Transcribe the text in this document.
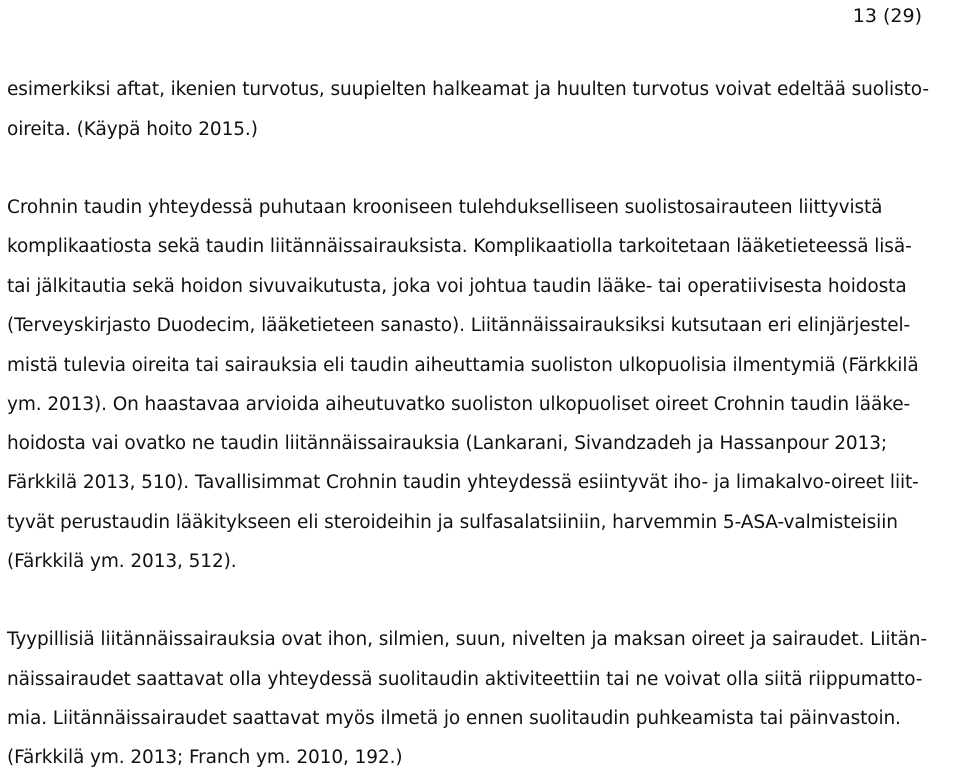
13 (29)
esimerkiksi aftat, ikenien turvotus, suupielten halkeamat ja huulten turvotus voivat edeltää suolisto-
oireita. (Käypä hoito 2015.)
Crohnin taudin yhteydessä puhutaan krooniseen tulehdukselliseen suolistosairauteen liittyvistä
komplikaatiosta sekä taudin liitännäissairauksista. Komplikaatiolla tarkoitetaan lääketieteessä lisä-
tai jälkitautia sekä hoidon sivuvaikutusta, joka voi johtua taudin lääke- tai operatiivisesta hoidosta
(Terveyskirjasto Duodecim, lääketieteen sanasto). Liitännäissairauksiksi kutsutaan eri elinjärjestel-
mistä tulevia oireita tai sairauksia eli taudin aiheuttamia suoliston ulkopuolisia ilmentymiä (Färkkilä
ym. 2013). On haastavaa arvioida aiheutuvatko suoliston ulkopuoliset oireet Crohnin taudin lääke-
hoidosta vai ovatko ne taudin liitännäissairauksia (Lankarani, Sivandzadeh ja Hassanpour 2013;
Färkkilä 2013, 510). Tavallisimmat Crohnin taudin yhteydessä esiintyvät iho- ja limakalvo-oireet liit-
tyvät perustaudin lääkitykseen eli steroideihin ja sulfasalatsiiniin, harvemmin 5-ASA-valmisteisiin
(Färkkilä ym. 2013, 512).
Tyypillisiä liitännäissairauksia ovat ihon, silmien, suun, nivelten ja maksan oireet ja sairaudet. Liitän-
näissairaudet saattavat olla yhteydessä suolitaudin aktiviteettiin tai ne voivat olla siitä riippumatto-
mia. Liitännäissairaudet saattavat myös ilmetä jo ennen suolitaudin puhkeamista tai päinvastoin.
(Färkkilä ym. 2013; Franch ym. 2010, 192.)
